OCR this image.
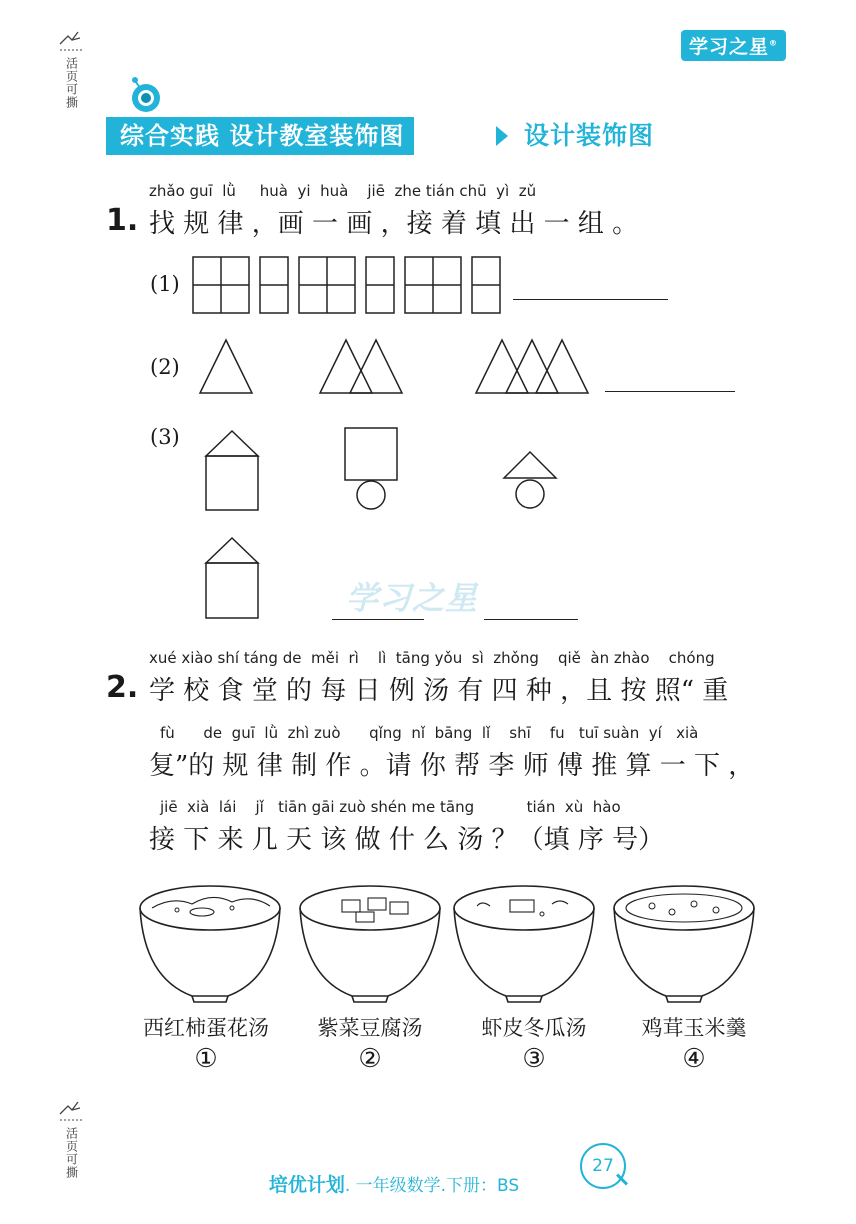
活页可撕
活页可撕
学习之星®
综合实践 设计教室装饰图	设计装饰图
zhǎo guī  lǜ     huà  yi  huà    jiē  zhe tián chū  yì  zǔ
1. 找 规 律 ，画 一 画 ，接 着 填 出 一 组 。
(1)
(2)
(3)
学习之星
xué xiào shí táng de  měi  rì    lì  tāng yǒu  sì  zhǒng    qiě  àn zhào    chóng
2. 学 校 食 堂 的 每 日 例 汤 有 四 种 ，且 按 照“ 重
fù      de  guī  lǜ  zhì zuò      qǐng  nǐ  bāng  lǐ    shī    fu   tuī suàn  yí   xià
复”的 规 律 制 作 。请 你 帮 李 师 傅 推 算 一 下 ，
jiē  xià  lái    jǐ   tiān gāi zuò shén me tāng           tián  xù  hào
接 下 来 几 天 该 做 什 么 汤 ？（填 序 号）
西红柿蛋花汤	紫菜豆腐汤	虾皮冬瓜汤	鸡茸玉米羹
①	②	③	④

培优计划. 一年级数学.下册：BS

27
